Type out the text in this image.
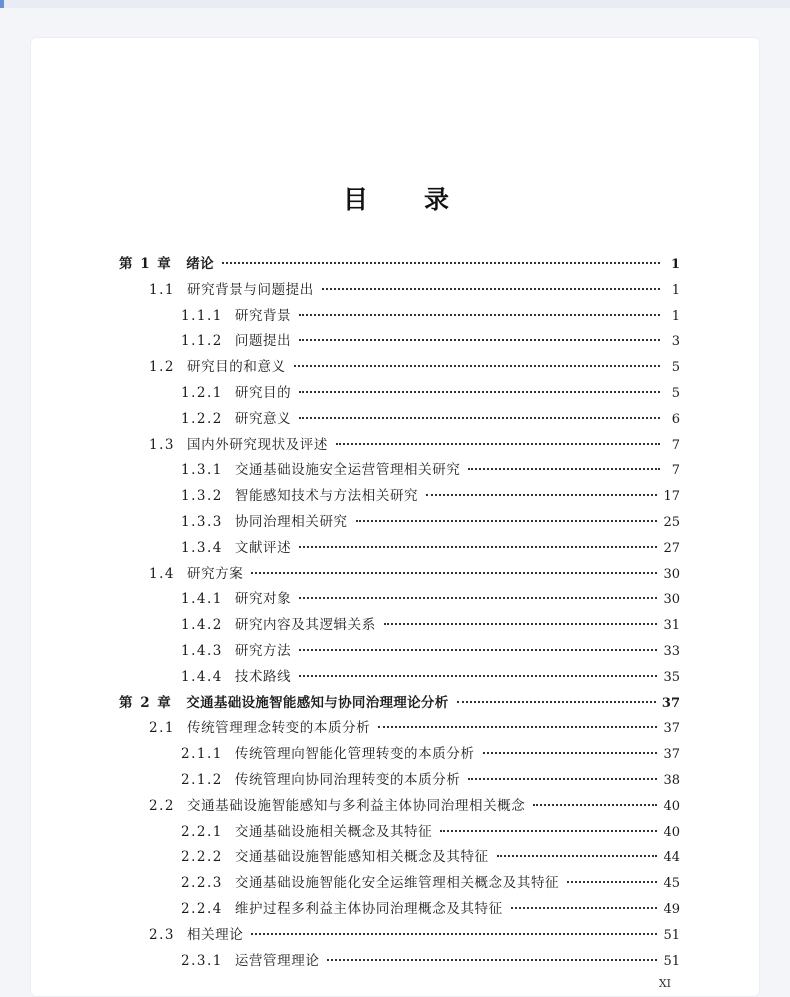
目 录
第 1 章 绪论	1
1.1 研究背景与问题提出	1
1.1.1 研究背景	1
1.1.2 问题提出	3
1.2 研究目的和意义	5
1.2.1 研究目的	5
1.2.2 研究意义	6
1.3 国内外研究现状及评述	7
1.3.1 交通基础设施安全运营管理相关研究	7
1.3.2 智能感知技术与方法相关研究	17
1.3.3 协同治理相关研究	25
1.3.4 文献评述	27
1.4 研究方案	30
1.4.1 研究对象	30
1.4.2 研究内容及其逻辑关系	31
1.4.3 研究方法	33
1.4.4 技术路线	35
第 2 章 交通基础设施智能感知与协同治理理论分析	37
2.1 传统管理理念转变的本质分析	37
2.1.1 传统管理向智能化管理转变的本质分析	37
2.1.2 传统管理向协同治理转变的本质分析	38
2.2 交通基础设施智能感知与多利益主体协同治理相关概念	40
2.2.1 交通基础设施相关概念及其特征	40
2.2.2 交通基础设施智能感知相关概念及其特征	44
2.2.3 交通基础设施智能化安全运维管理相关概念及其特征	45
2.2.4 维护过程多利益主体协同治理概念及其特征	49
2.3 相关理论	51
2.3.1 运营管理理论	51
XI
